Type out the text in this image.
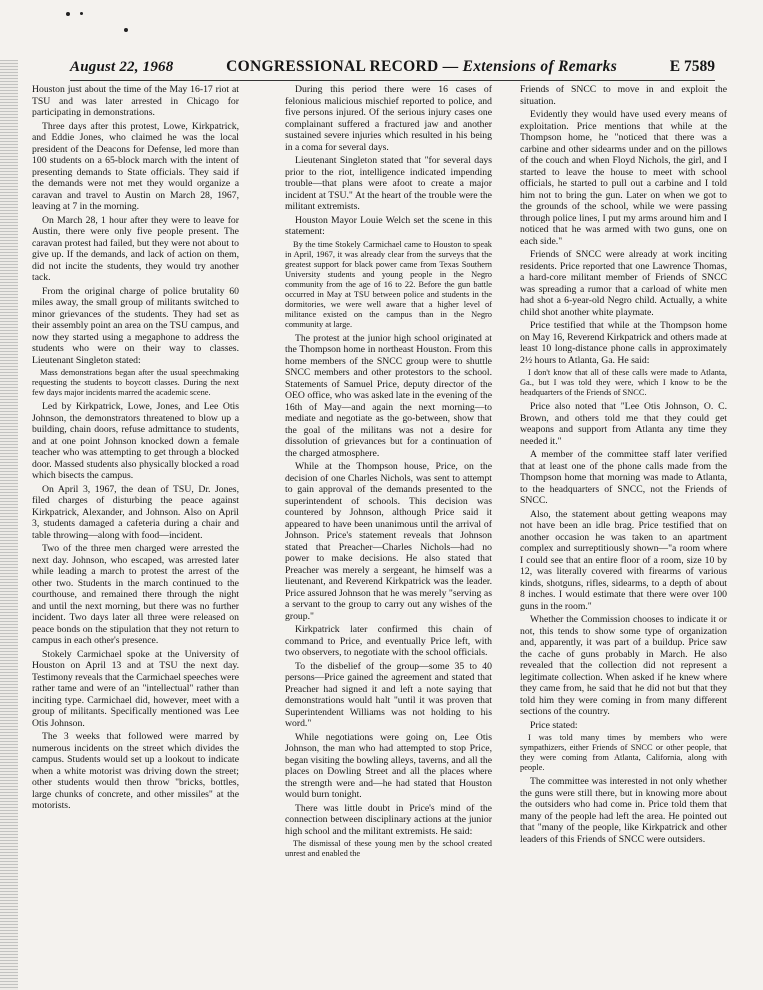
August 22, 1968	CONGRESSIONAL RECORD — Extensions of Remarks	E 7589

Houston just about the time of the May 16-17 riot at TSU and was later arrested in Chicago for participating in demonstrations.

Three days after this protest, Lowe, Kirkpatrick, and Eddie Jones, who claimed he was the local president of the Deacons for Defense, led more than 100 students on a 65-block march with the intent of presenting demands to State officials. They said if the demands were not met they would organize a caravan and travel to Austin on March 28, 1967, leaving at 7 in the morning.

On March 28, 1 hour after they were to leave for Austin, there were only five people present. The caravan protest had failed, but they were not about to give up. If the demands, and lack of action on them, did not incite the students, they would try another tack.

From the original charge of police brutality 60 miles away, the small group of militants switched to minor grievances of the students. They had set as their assembly point an area on the TSU campus, and now they started using a megaphone to address the students who were on their way to classes. Lieutenant Singleton stated:

Mass demonstrations began after the usual speechmaking requesting the students to boycott classes. During the next few days major incidents marred the academic scene.

Led by Kirkpatrick, Lowe, Jones, and Lee Otis Johnson, the demonstrators threatened to blow up a building, chain doors, refuse admittance to students, and at one point Johnson knocked down a female teacher who was attempting to get through a blocked door. Massed students also physically blocked a road which bisects the campus.

On April 3, 1967, the dean of TSU, Dr. Jones, filed charges of disturbing the peace against Kirkpatrick, Alexander, and Johnson. Also on April 3, students damaged a cafeteria during a chair and table throwing—along with food—incident.

Two of the three men charged were arrested the next day. Johnson, who escaped, was arrested later while leading a march to protest the arrest of the other two. Students in the march continued to the courthouse, and remained there through the night and until the next morning, but there was no further incident. Two days later all three were released on peace bonds on the stipulation that they not return to campus in each other's presence.

Stokely Carmichael spoke at the University of Houston on April 13 and at TSU the next day. Testimony reveals that the Carmichael speeches were rather tame and were of an "intellectual" rather than inciting type. Carmichael did, however, meet with a group of militants. Specifically mentioned was Lee Otis Johnson.

The 3 weeks that followed were marred by numerous incidents on the street which divides the campus. Students would set up a lookout to indicate when a white motorist was driving down the street; other students would then throw "bricks, bottles, large chunks of concrete, and other missiles" at the motorists.

During this period there were 16 cases of felonious malicious mischief reported to police, and five persons injured. Of the serious injury cases one complainant suffered a fractured jaw and another sustained severe injuries which resulted in his being in a coma for several days.

Lieutenant Singleton stated that "for several days prior to the riot, intelligence indicated impending trouble—that plans were afoot to create a major incident at TSU." At the heart of the trouble were the militant extremists.

Houston Mayor Louie Welch set the scene in this statement:

By the time Stokely Carmichael came to Houston to speak in April, 1967, it was already clear from the surveys that the greatest support for black power came from Texas Southern University students and young people in the Negro community from the age of 16 to 22. Before the gun battle occurred in May at TSU between police and students in the dormitories, we were well aware that a higher level of militance existed on the campus than in the Negro community at large.

The protest at the junior high school originated at the Thompson home in northeast Houston. From this home members of the SNCC group were to shuttle SNCC members and other protestors to the school. Statements of Samuel Price, deputy director of the OEO office, who was asked late in the evening of the 16th of May—and again the next morning—to mediate and negotiate as the go-between, show that the goal of the militans was not a desire for dissolution of grievances but for a continuation of the charged atmosphere.

While at the Thompson house, Price, on the decision of one Charles Nichols, was sent to attempt to gain approval of the demands presented to the superintendent of schools. This decision was countered by Johnson, although Price said it appeared to have been unanimous until the arrival of Johnson. Price's statement reveals that Johnson stated that Preacher—Charles Nichols—had no power to make decisions. He also stated that Preacher was merely a sergeant, he himself was a lieutenant, and Reverend Kirkpatrick was the leader. Price assured Johnson that he was merely "serving as a servant to the group to carry out any wishes of the group."

Kirkpatrick later confirmed this chain of command to Price, and eventually Price left, with two observers, to negotiate with the school officials.

To the disbelief of the group—some 35 to 40 persons—Price gained the agreement and stated that Preacher had signed it and left a note saying that demonstrations would halt "until it was proven that Superintendent Williams was not holding to his word."

While negotiations were going on, Lee Otis Johnson, the man who had attempted to stop Price, began visiting the bowling alleys, taverns, and all the places on Dowling Street and all the places where the strength were and—he had stated that Houston would burn tonight.

There was little doubt in Price's mind of the connection between disciplinary actions at the junior high school and the militant extremists. He said:

The dismissal of these young men by the school created unrest and enabled the

Friends of SNCC to move in and exploit the situation.

Evidently they would have used every means of exploitation. Price mentions that while at the Thompson home, he "noticed that there was a carbine and other sidearms under and on the pillows of the couch and when Floyd Nichols, the girl, and I started to leave the house to meet with school officials, he started to pull out a carbine and I told him not to bring the gun. Later on when we got to the grounds of the school, while we were passing through police lines, I put my arms around him and I noticed that he was armed with two guns, one on each side."

Friends of SNCC were already at work inciting residents. Price reported that one Lawrence Thomas, a hard-core militant member of Friends of SNCC was spreading a rumor that a carload of white men had shot a 6-year-old Negro child. Actually, a white child shot another white playmate.

Price testified that while at the Thompson home on May 16, Reverend Kirkpatrick and others made at least 10 long-distance phone calls in approximately 2½ hours to Atlanta, Ga. He said:

I don't know that all of these calls were made to Atlanta, Ga., but I was told they were, which I know to be the headquarters of the Friends of SNCC.

Price also noted that "Lee Otis Johnson, O. C. Brown, and others told me that they could get weapons and support from Atlanta any time they needed it."

A member of the committee staff later verified that at least one of the phone calls made from the Thompson home that morning was made to Atlanta, to the headquarters of SNCC, not the Friends of SNCC.

Also, the statement about getting weapons may not have been an idle brag. Price testified that on another occasion he was taken to an apartment complex and surreptitiously shown—"a room where I could see that an entire floor of a room, size 10 by 12, was literally covered with firearms of various kinds, shotguns, rifles, sidearms, to a depth of about 8 inches. I would estimate that there were over 100 guns in the room."

Whether the Commission chooses to indicate it or not, this tends to show some type of organization and, apparently, it was part of a buildup. Price saw the cache of guns probably in March. He also revealed that the collection did not represent a legitimate collection. When asked if he knew where they came from, he said that he did not but that they told him they were coming in from many different sections of the country.

Price stated:

I was told many times by members who were sympathizers, either Friends of SNCC or other people, that they were coming from Atlanta, California, along with people.

The committee was interested in not only whether the guns were still there, but in knowing more about the outsiders who had come in. Price told them that many of the people had left the area. He pointed out that "many of the people, like Kirkpatrick and other leaders of this Friends of SNCC were outsiders.
